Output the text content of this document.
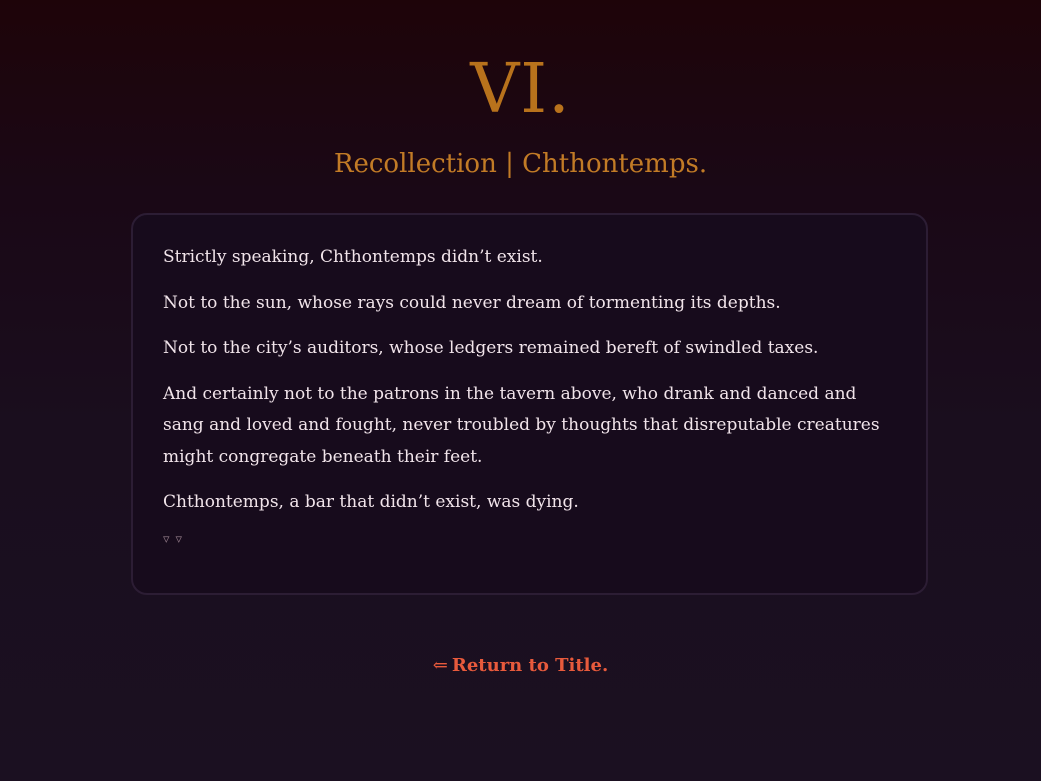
VI.
Recollection | Chthontemps.

Strictly speaking, Chthontemps didn’t exist.

Not to the sun, whose rays could never dream of tormenting its depths.

Not to the city’s auditors, whose ledgers remained bereft of swindled taxes.

And certainly not to the patrons in the tavern above, who drank and danced and sang and loved and fought, never troubled by thoughts that disreputable creatures might congregate beneath their feet.

Chthontemps, a bar that didn’t exist, was dying.

▿ ▿
⇐ Return to Title.
